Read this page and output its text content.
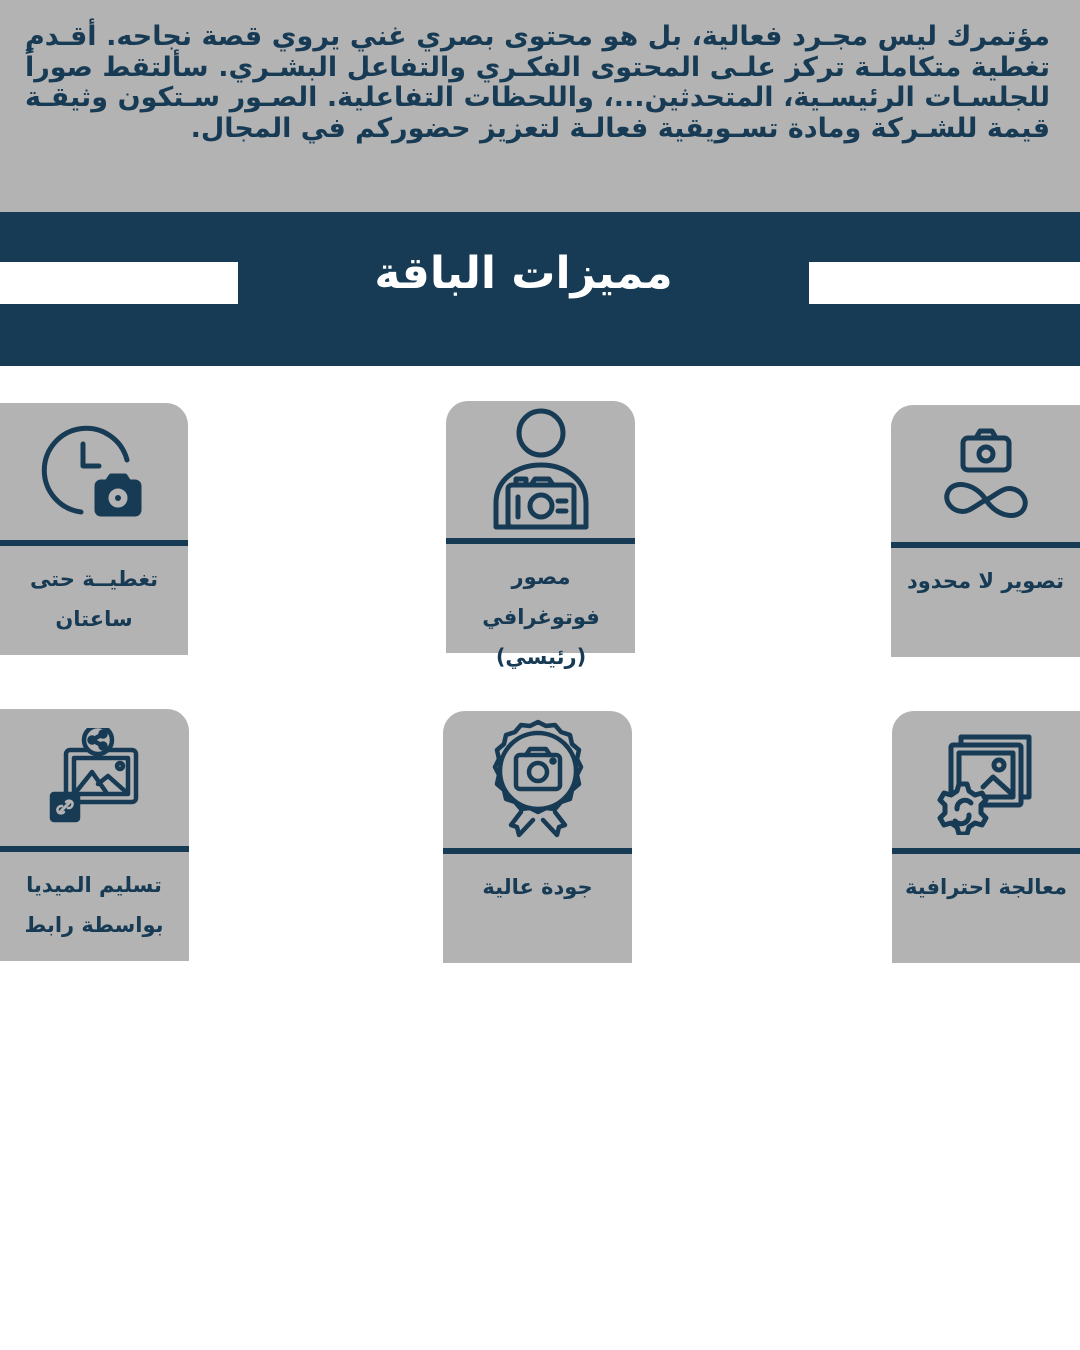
مؤتمرك ليس مجـرد فعالية، بل هو محتوى بصري غني يروي قصة نجاحه. أقـدم تغطية متكاملـة تركز علـى المحتوى الفكـري والتفاعل البشـري. سألتقط صوراً للجلسـات الرئيسـية، المتحدثين...، واللحظات التفاعلية. الصـور سـتكون وثيقـة قيمة للشـركة ومادة تسـويقية فعالـة لتعزيز حضوركم في المجال.
مميزات الباقة
تصوير لا محدود
مصور فوتوغرافي (رئيسي)
تغطيــة حتى ساعتان
معالجة احترافية
جودة عالية
تسليم الميديا بواسطة رابط
